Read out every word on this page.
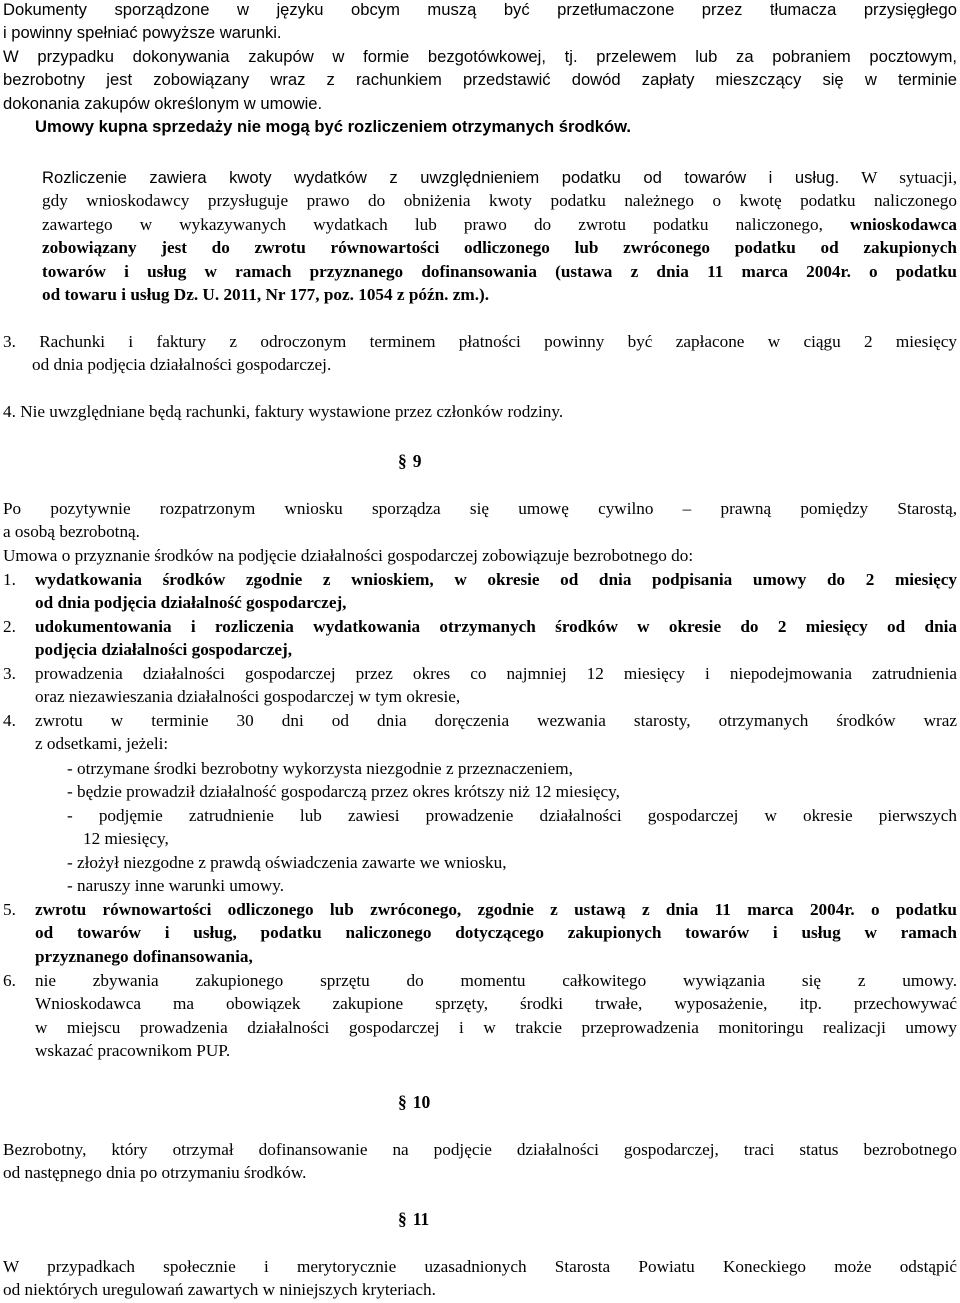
Dokumenty sporządzone w języku obcym muszą być przetłumaczone przez tłumacza przysięgłego
i powinny spełniać powyższe warunki.
W przypadku dokonywania zakupów w formie bezgotówkowej, tj. przelewem lub za pobraniem pocztowym,
bezrobotny jest zobowiązany wraz z rachunkiem przedstawić dowód zapłaty mieszczący się w terminie
dokonania zakupów określonym w umowie.
Umowy kupna sprzedaży nie mogą być rozliczeniem otrzymanych środków.
Rozliczenie zawiera kwoty wydatków z uwzględnieniem podatku od towarów i usług. W sytuacji,
gdy wnioskodawcy przysługuje prawo do obniżenia kwoty podatku należnego o kwotę podatku naliczonego
zawartego w wykazywanych wydatkach lub prawo do zwrotu podatku naliczonego, wnioskodawca
zobowiązany jest do zwrotu równowartości odliczonego lub zwróconego podatku od zakupionych
towarów i usług w ramach przyznanego dofinansowania (ustawa z dnia 11 marca 2004r. o podatku
od towaru i usług Dz. U. 2011, Nr 177, poz. 1054 z późn. zm.).
3. Rachunki i faktury z odroczonym terminem płatności powinny być zapłacone w ciągu 2 miesięcy
od dnia podjęcia działalności gospodarczej.
4. Nie uwzględniane będą rachunki, faktury wystawione przez członków rodziny.
§ 9
Po pozytywnie rozpatrzonym wniosku sporządza się umowę cywilno – prawną pomiędzy Starostą,
a osobą bezrobotną.
Umowa o przyznanie środków na podjęcie działalności gospodarczej zobowiązuje bezrobotnego do:
1. wydatkowania środków zgodnie z wnioskiem, w okresie od dnia podpisania umowy do 2 miesięcy
od dnia podjęcia działalność gospodarczej,
2. udokumentowania i rozliczenia wydatkowania otrzymanych środków w okresie do 2 miesięcy od dnia
podjęcia działalności gospodarczej,
3. prowadzenia działalności gospodarczej przez okres co najmniej 12 miesięcy i niepodejmowania zatrudnienia
oraz niezawieszania działalności gospodarczej w tym okresie,
4. zwrotu w terminie 30 dni od dnia doręczenia wezwania starosty, otrzymanych środków wraz
z odsetkami, jeżeli:
- otrzymane środki bezrobotny wykorzysta niezgodnie z przeznaczeniem,
- będzie prowadził działalność gospodarczą przez okres krótszy niż 12 miesięcy,
- podjęmie zatrudnienie lub zawiesi prowadzenie działalności gospodarczej w okresie pierwszych
12 miesięcy,
- złożył niezgodne z prawdą oświadczenia zawarte we wniosku,
- naruszy inne warunki umowy.
5. zwrotu równowartości odliczonego lub zwróconego, zgodnie z ustawą z dnia 11 marca 2004r. o podatku
od towarów i usług, podatku naliczonego dotyczącego zakupionych towarów i usług w ramach
przyznanego dofinansowania,
6. nie zbywania zakupionego sprzętu do momentu całkowitego wywiązania się z umowy.
Wnioskodawca ma obowiązek zakupione sprzęty, środki trwałe, wyposażenie, itp. przechowywać
w miejscu prowadzenia działalności gospodarczej i w trakcie przeprowadzenia monitoringu realizacji umowy
wskazać pracownikom PUP.
§ 10
Bezrobotny, który otrzymał dofinansowanie na podjęcie działalności gospodarczej, traci status bezrobotnego
od następnego dnia po otrzymaniu środków.
§ 11
W przypadkach społecznie i merytorycznie uzasadnionych Starosta Powiatu Koneckiego może odstąpić
od niektórych uregulowań zawartych w niniejszych kryteriach.
